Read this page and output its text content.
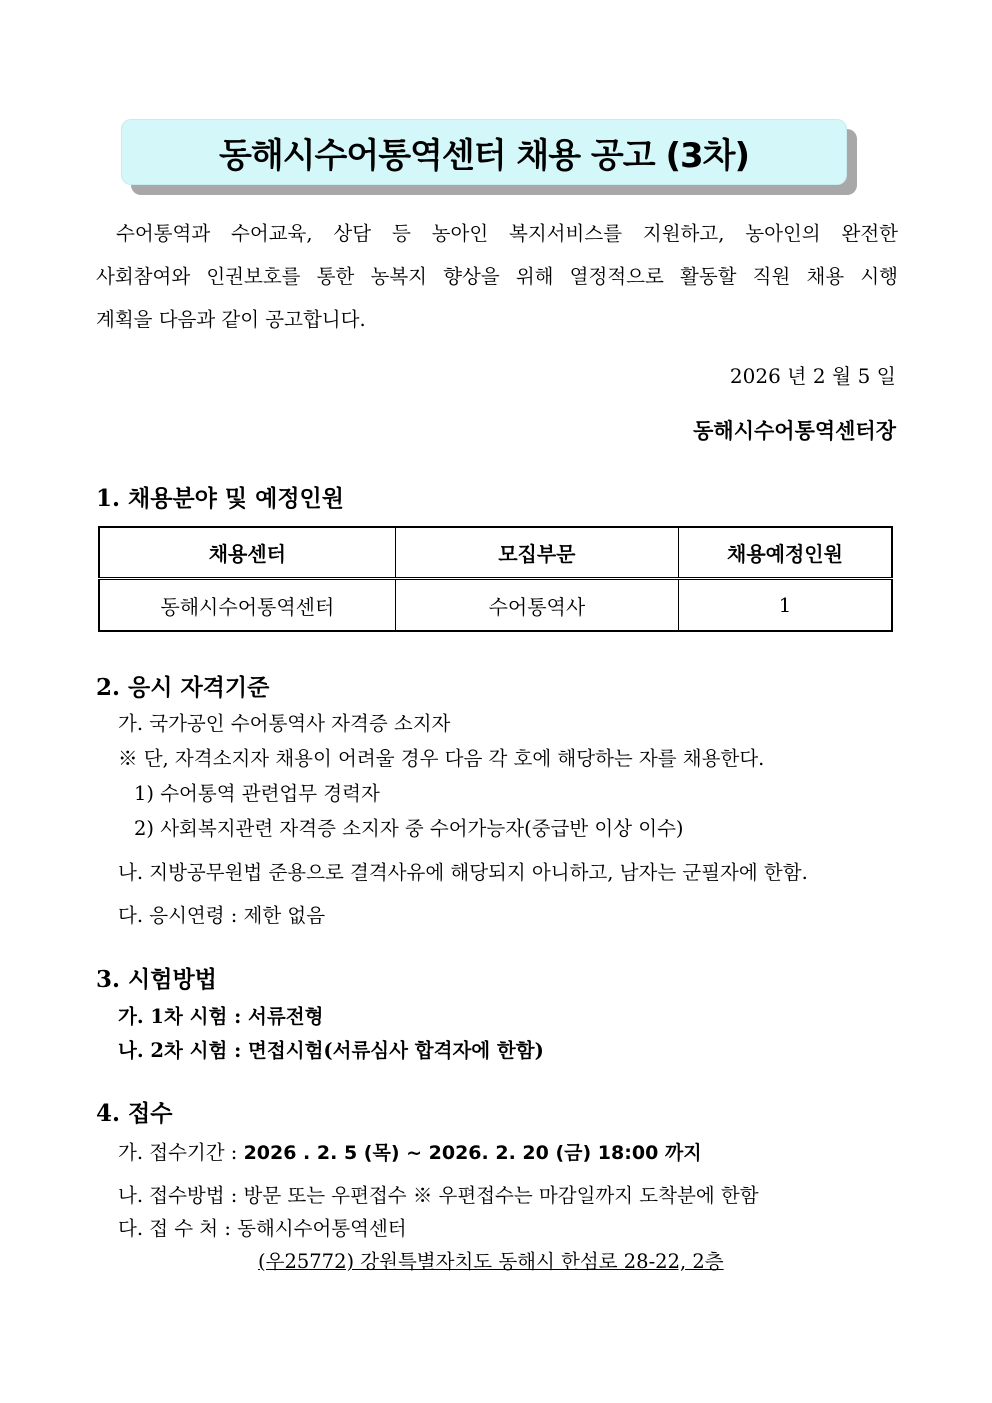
동해시수어통역센터 채용 공고 (3차)
수어통역과 수어교육, 상담 등 농아인 복지서비스를 지원하고, 농아인의 완전한
사회참여와 인권보호를 통한 농복지 향상을 위해 열정적으로 활동할 직원 채용 시행
계획을 다음과 같이 공고합니다.
2026 년 2 월 5 일
동해시수어통역센터장
1. 채용분야 및 예정인원
채용센터	모집부문	채용예정인원
동해시수어통역센터	수어통역사	1
2. 응시 자격기준
가. 국가공인 수어통역사 자격증 소지자
※ 단, 자격소지자 채용이 어려울 경우 다음 각 호에 해당하는 자를 채용한다.
1) 수어통역 관련업무 경력자
2) 사회복지관련 자격증 소지자 중 수어가능자(중급반 이상 이수)
나. 지방공무원법 준용으로 결격사유에 해당되지 아니하고, 남자는 군필자에 한함.
다. 응시연령 : 제한 없음
3. 시험방법
가. 1차 시험 : 서류전형
나. 2차 시험 : 면접시험(서류심사 합격자에 한함)
4. 접수
가. 접수기간 : 2026 . 2. 5 (목) ~ 2026. 2. 20 (금) 18:00 까지
나. 접수방법 : 방문 또는 우편접수 ※ 우편접수는 마감일까지 도착분에 한함
다. 접 수 처 : 동해시수어통역센터
(우25772) 강원특별자치도 동해시 한섬로 28-22, 2층
